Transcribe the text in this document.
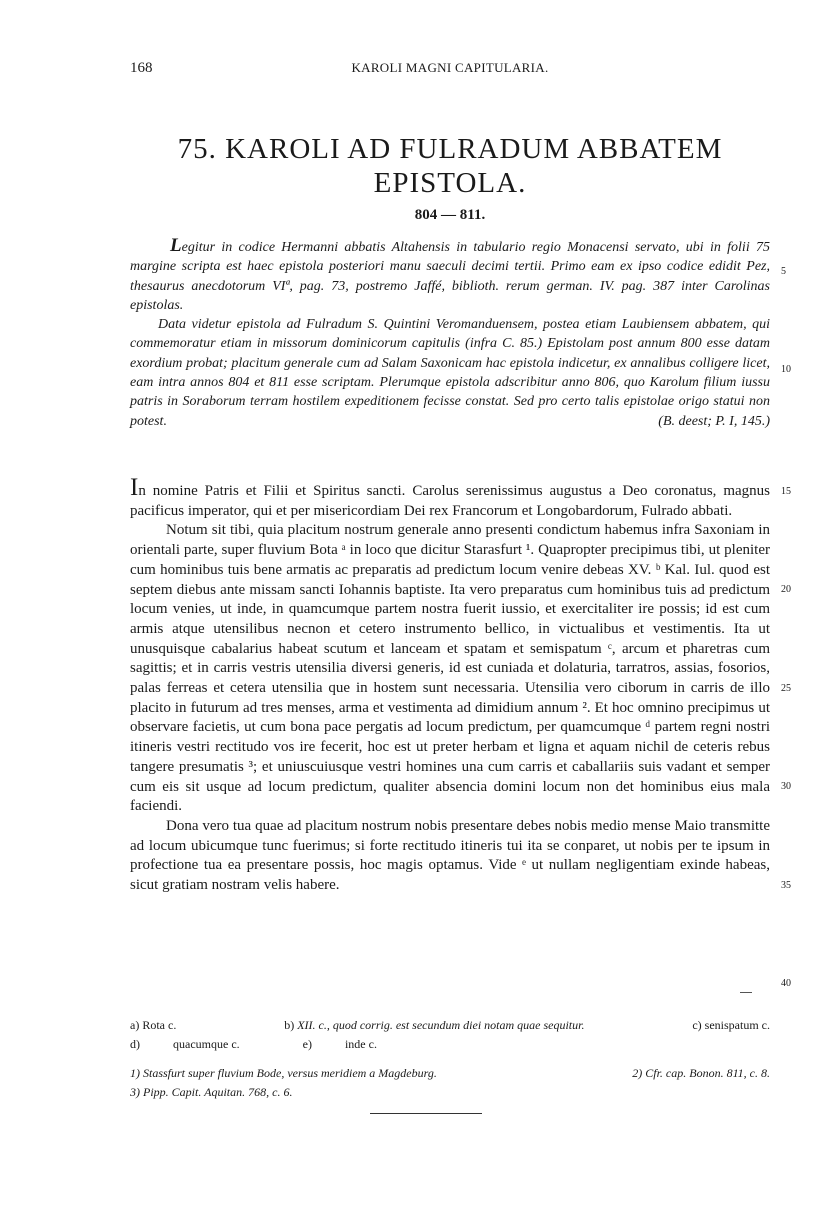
168	KAROLI MAGNI CAPITULARIA.
75. KAROLI AD FULRADUM ABBATEM
EPISTOLA.
804 — 811.

Legitur in codice Hermanni abbatis Altahensis in tabulario regio Monacensi servato, ubi in folii 75 margine scripta est haec epistola posteriori manu saeculi decimi tertii. Primo eam ex ipso codice edidit Pez, thesaurus anecdotorum VIª, pag. 73, postremo Jaffé, biblioth. rerum german. IV. pag. 387 inter Carolinas epistolas.

Data videtur epistola ad Fulradum S. Quintini Veromanduensem, postea etiam Laubiensem abbatem, qui commemoratur etiam in missorum dominicorum capitulis (infra C. 85.) Epistolam post annum 800 esse datam exordium probat; placitum generale cum ad Salam Saxonicam hac epistola indicetur, ex annalibus colligere licet, eam intra annos 804 et 811 esse scriptam. Plerumque epistola adscribitur anno 806, quo Karolum filium iussu patris in Soraborum terram hostilem expeditionem fecisse constat. Sed pro certo talis epistolae origo statui non potest.	(B. deest; P. I, 145.)

In nomine Patris et Filii et Spiritus sancti. Carolus serenissimus augustus a Deo coronatus, magnus pacificus imperator, qui et per misericordiam Dei rex Francorum et Longobardorum, Fulrado abbati.

Notum sit tibi, quia placitum nostrum generale anno presenti condictum habemus infra Saxoniam in orientali parte, super fluvium Bota ᵃ in loco que dicitur Starasfurt ¹. Quapropter precipimus tibi, ut pleniter cum hominibus tuis bene armatis ac preparatis ad predictum locum venire debeas XV. ᵇ Kal. Iul. quod est septem diebus ante missam sancti Iohannis baptiste. Ita vero preparatus cum hominibus tuis ad predictum locum venies, ut inde, in quamcumque partem nostra fuerit iussio, et exercitaliter ire possis; id est cum armis atque utensilibus necnon et cetero instrumento bellico, in victualibus et vestimentis. Ita ut unusquisque cabalarius habeat scutum et lanceam et spatam et semispatum ᶜ, arcum et pharetras cum sagittis; et in carris vestris utensilia diversi generis, id est cuniada et dolaturia, tarratros, assias, fosorios, palas ferreas et cetera utensilia que in hostem sunt necessaria. Utensilia vero ciborum in carris de illo placito in futurum ad tres menses, arma et vestimenta ad dimidium annum ². Et hoc omnino precipimus ut observare facietis, ut cum bona pace pergatis ad locum predictum, per quamcumque ᵈ partem regni nostri itineris vestri rectitudo vos ire fecerit, hoc est ut preter herbam et ligna et aquam nichil de ceteris rebus tangere presumatis ³; et uniuscuiusque vestri homines una cum carris et caballariis suis vadant et semper cum eis sit usque ad locum predictum, qualiter absencia domini locum non det hominibus eius mala faciendi.

Dona vero tua quae ad placitum nostrum nobis presentare debes nobis medio mense Maio transmitte ad locum ubicumque tunc fuerimus; si forte rectitudo itineris tui ita se conparet, ut nobis per te ipsum in profectione tua ea presentare possis, hoc magis optamus. Vide ᵉ ut nullam negligentiam exinde habeas, sicut gratiam nostram velis habere.

5
10
15
20
25
30
35
40
a) Rota c.	b) XII. c., quod corrig. est secundum diei notam quae sequitur.	c) senispatum c.
d)	quacumque c.	e)	inde c.
1) Stassfurt super fluvium Bode, versus meridiem a Magdeburg.	2) Cfr. cap. Bonon. 811, c. 8.
3) Pipp. Capit. Aquitan. 768, c. 6.
